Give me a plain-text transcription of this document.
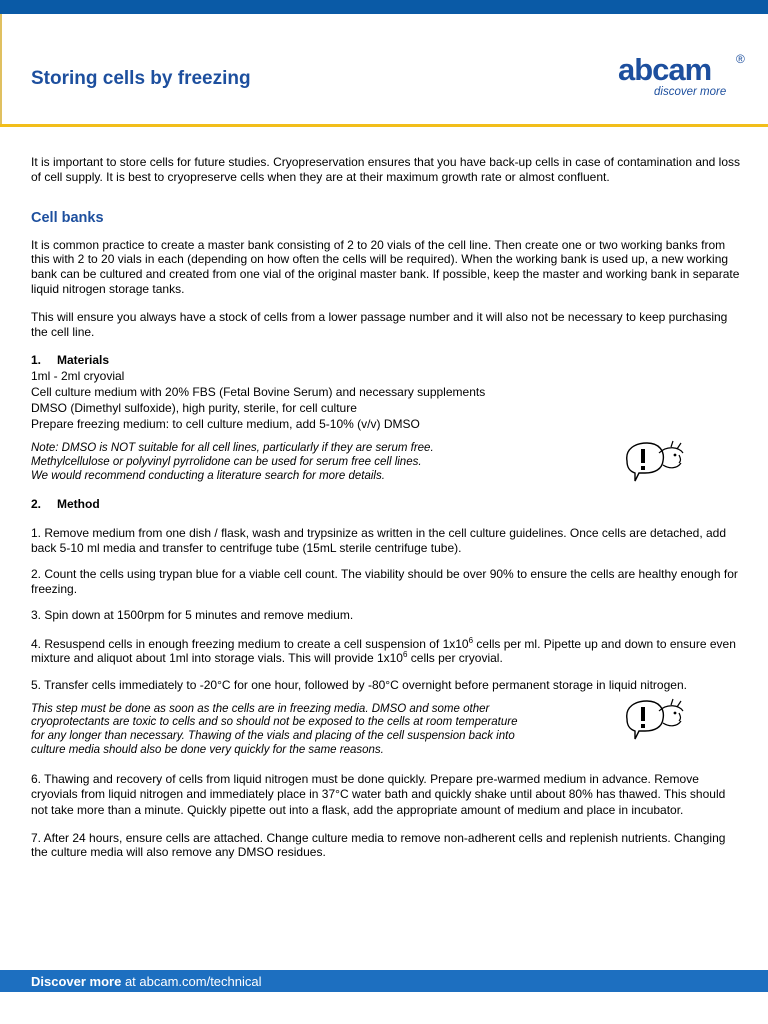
Storing cells by freezing	abcam ®
discover more

It is important to store cells for future studies. Cryopreservation ensures that you have back-up cells in case of contamination and loss of cell supply. It is best to cryopreserve cells when they are at their maximum growth rate or almost confluent.

Cell banks

It is common practice to create a master bank consisting of 2 to 20 vials of the cell line. Then create one or two working banks from this with 2 to 20 vials in each (depending on how often the cells will be required). When the working bank is used up, a new working bank can be cultured and created from one vial of the original master bank. If possible, keep the master and working bank in separate liquid nitrogen storage tanks.

This will ensure you always have a stock of cells from a lower passage number and it will also not be necessary to keep purchasing the cell line.

1. Materials

1ml - 2ml cryovial

Cell culture medium with 20% FBS (Fetal Bovine Serum) and necessary supplements

DMSO (Dimethyl sulfoxide), high purity, sterile, for cell culture

Prepare freezing medium: to cell culture medium, add 5-10% (v/v) DMSO

Note: DMSO is NOT suitable for all cell lines, particularly if they are serum free.
Methylcellulose or polyvinyl pyrrolidone can be used for serum free cell lines.
We would recommend conducting a literature search for more details.

2. Method

1. Remove medium from one dish / flask, wash and trypsinize as written in the cell culture guidelines. Once cells are detached, add back 5-10 ml media and transfer to centrifuge tube (15mL sterile centrifuge tube).

2. Count the cells using trypan blue for a viable cell count. The viability should be over 90% to ensure the cells are healthy enough for freezing.

3. Spin down at 1500rpm for 5 minutes and remove medium.

4. Resuspend cells in enough freezing medium to create a cell suspension of $1x10^6$ cells per ml. Pipette up and down to ensure even mixture and aliquot about 1ml into storage vials. This will provide $1x10^6$ cells per cryovial.

5. Transfer cells immediately to -20°C for one hour, followed by -80°C overnight before permanent storage in liquid nitrogen.

This step must be done as soon as the cells are in freezing media. DMSO and some other
cryoprotectants are toxic to cells and so should not be exposed to the cells at room temperature
for any longer than necessary. Thawing of the vials and placing of the cell suspension back into
culture media should also be done very quickly for the same reasons.

6. Thawing and recovery of cells from liquid nitrogen must be done quickly. Prepare pre-warmed medium in advance. Remove cryovials from liquid nitrogen and immediately place in 37°C water bath and quickly shake until about 80% has thawed. This should not take more than a minute. Quickly pipette out into a flask, add the appropriate amount of medium and place in incubator.

7. After 24 hours, ensure cells are attached. Change culture media to remove non-adherent cells and replenish nutrients. Changing the culture media will also remove any DMSO residues.

Discover more at abcam.com/technical
